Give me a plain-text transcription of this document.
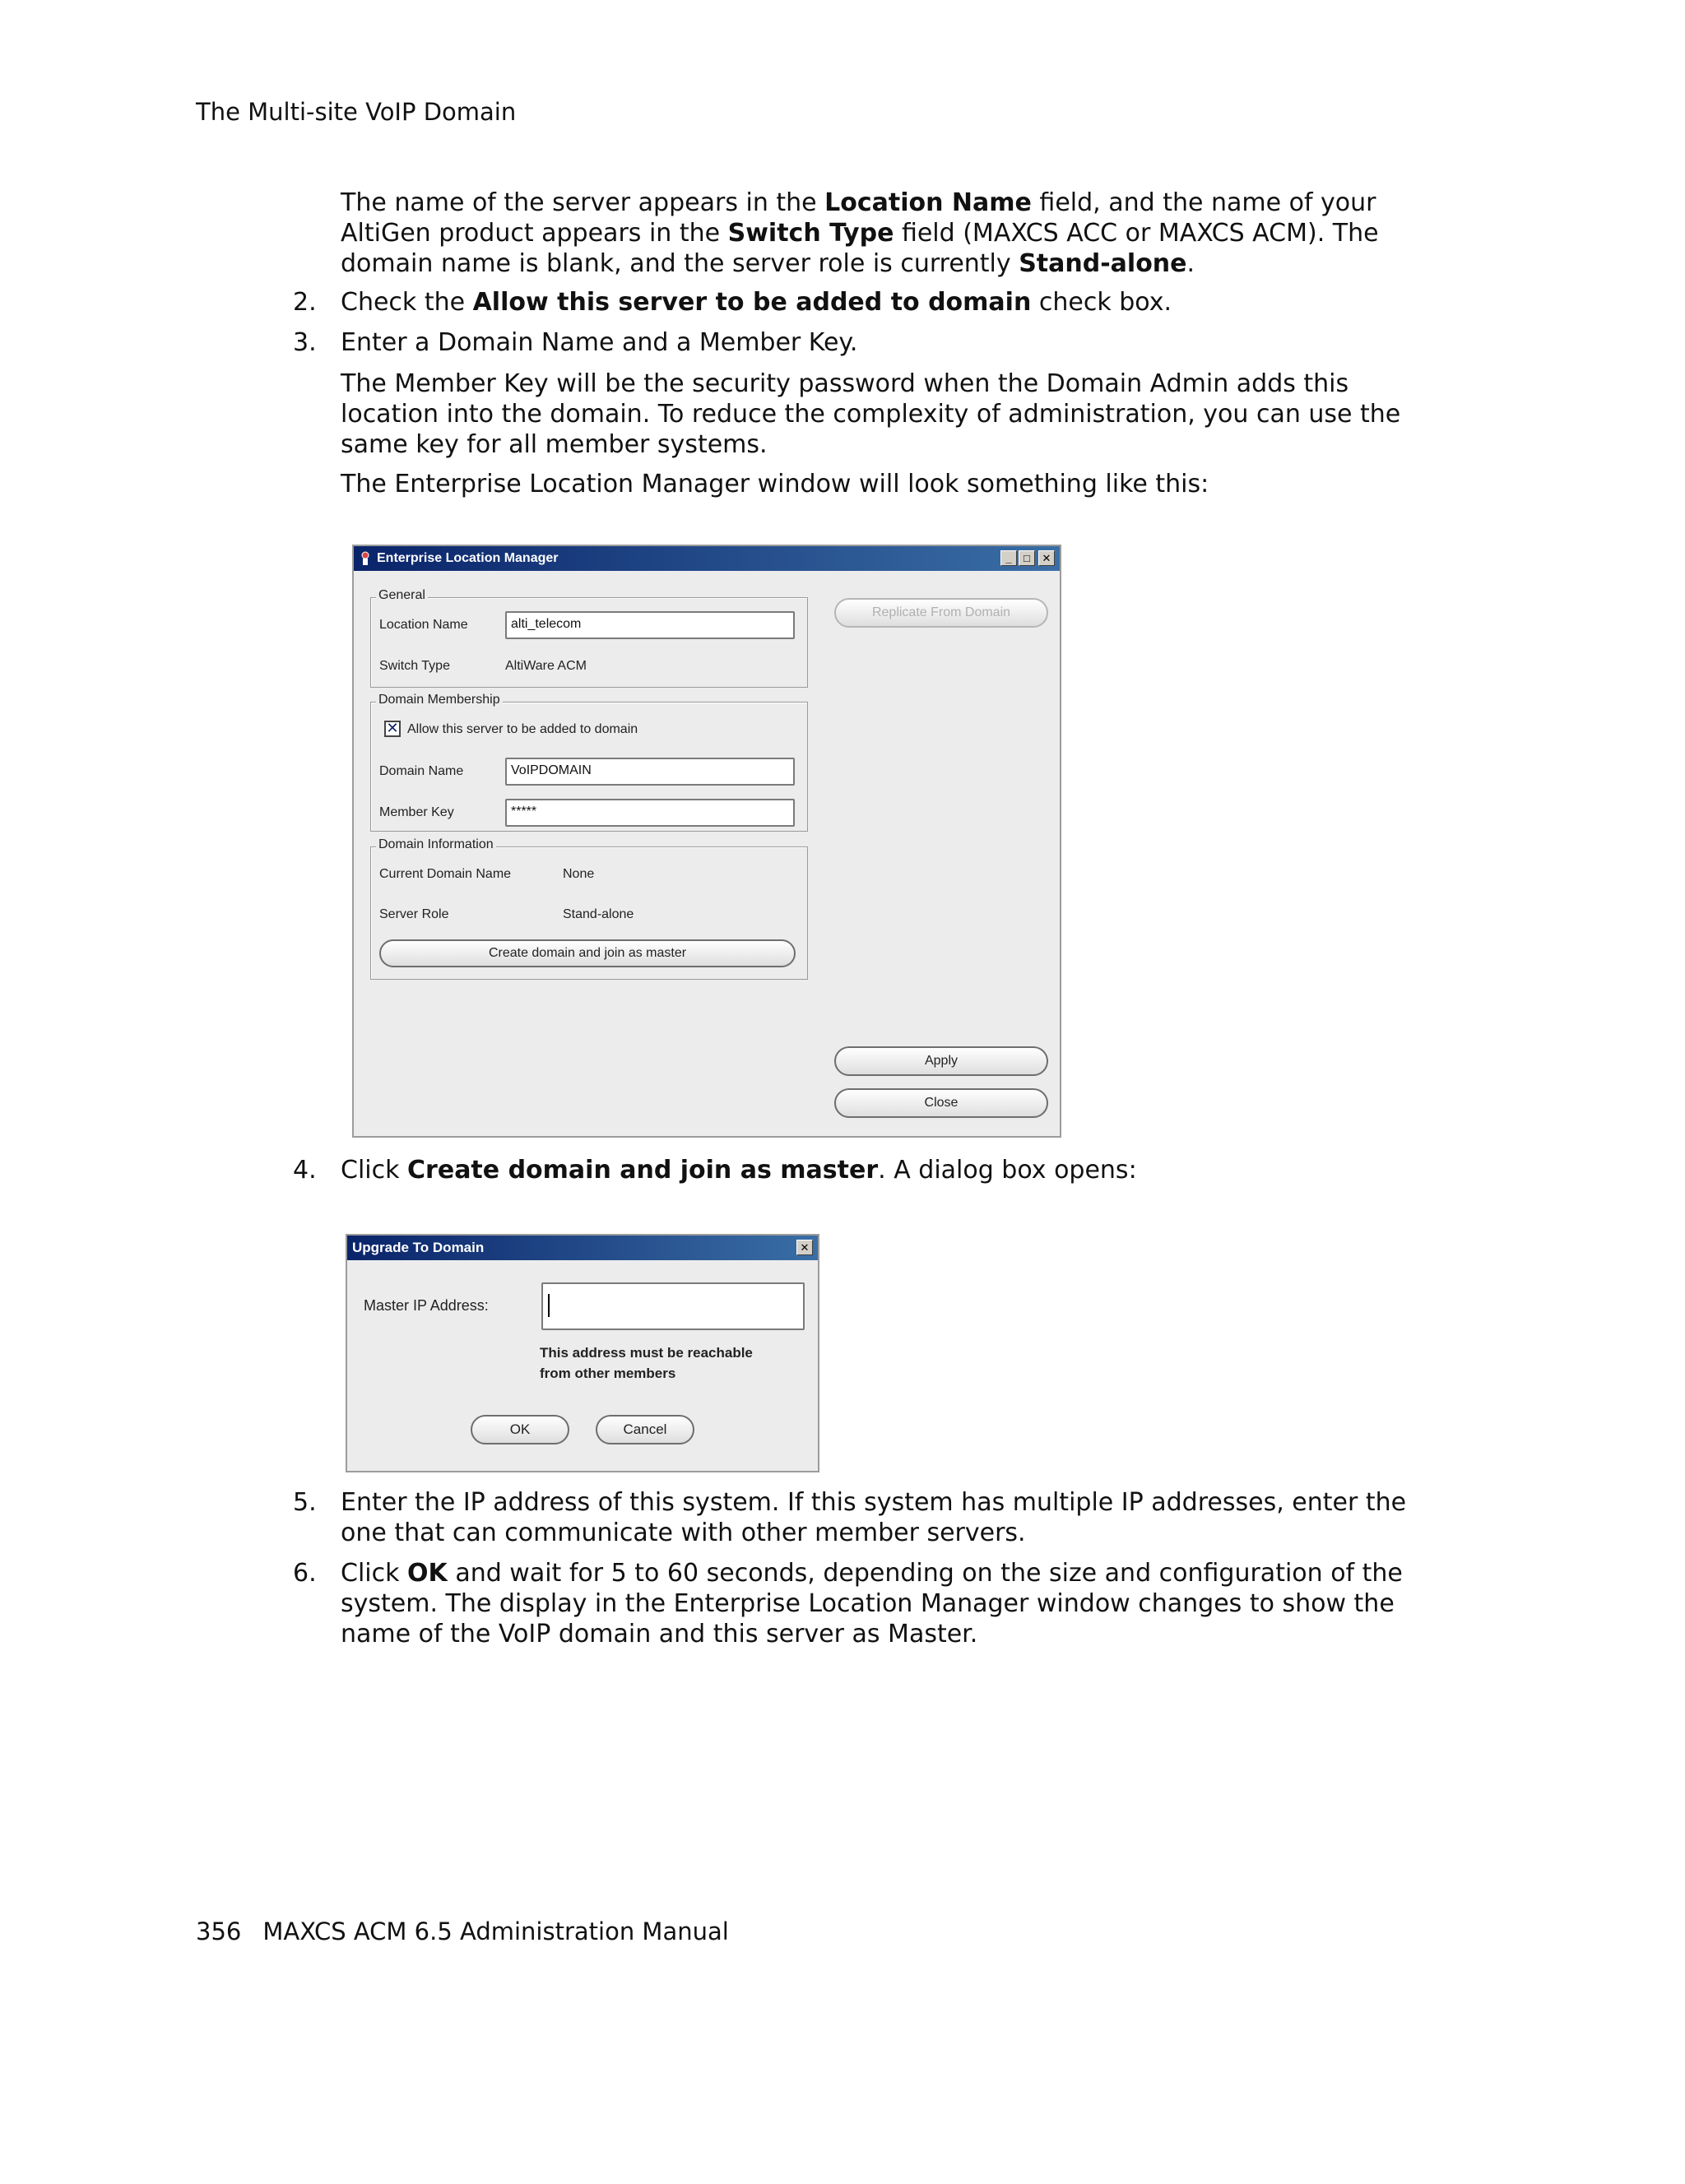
The Multi-site VoIP Domain

The name of the server appears in the Location Name field, and the name of your AltiGen product appears in the Switch Type field (MAXCS ACC or MAXCS ACM). The domain name is blank, and the server role is currently Stand-alone.

2. Check the Allow this server to be added to domain check box.
3. Enter a Domain Name and a Member Key.

The Member Key will be the security password when the Domain Admin adds this location into the domain. To reduce the complexity of administration, you can use the same key for all member systems.

The Enterprise Location Manager window will look something like this:

Enterprise Location Manager	_	□	✕
General
Location Name	alti_telecom
Switch Type	AltiWare ACM
Domain Membership
✕ Allow this server to be added to domain
Domain Name	VoIPDOMAIN
Member Key	*****
Domain Information
Current Domain Name	None
Server Role	Stand-alone
Create domain and join as master
Replicate From Domain
Apply
Close
4. Click Create domain and join as master. A dialog box opens:
Upgrade To Domain	✕
Master IP Address:
This address must be reachable
from other members
OK	Cancel
5. Enter the IP address of this system. If this system has multiple IP addresses, enter the one that can communicate with other member servers.
6. Click OK and wait for 5 to 60 seconds, depending on the size and configuration of the system. The display in the Enterprise Location Manager window changes to show the name of the VoIP domain and this server as Master.
356 MAXCS ACM 6.5 Administration Manual
